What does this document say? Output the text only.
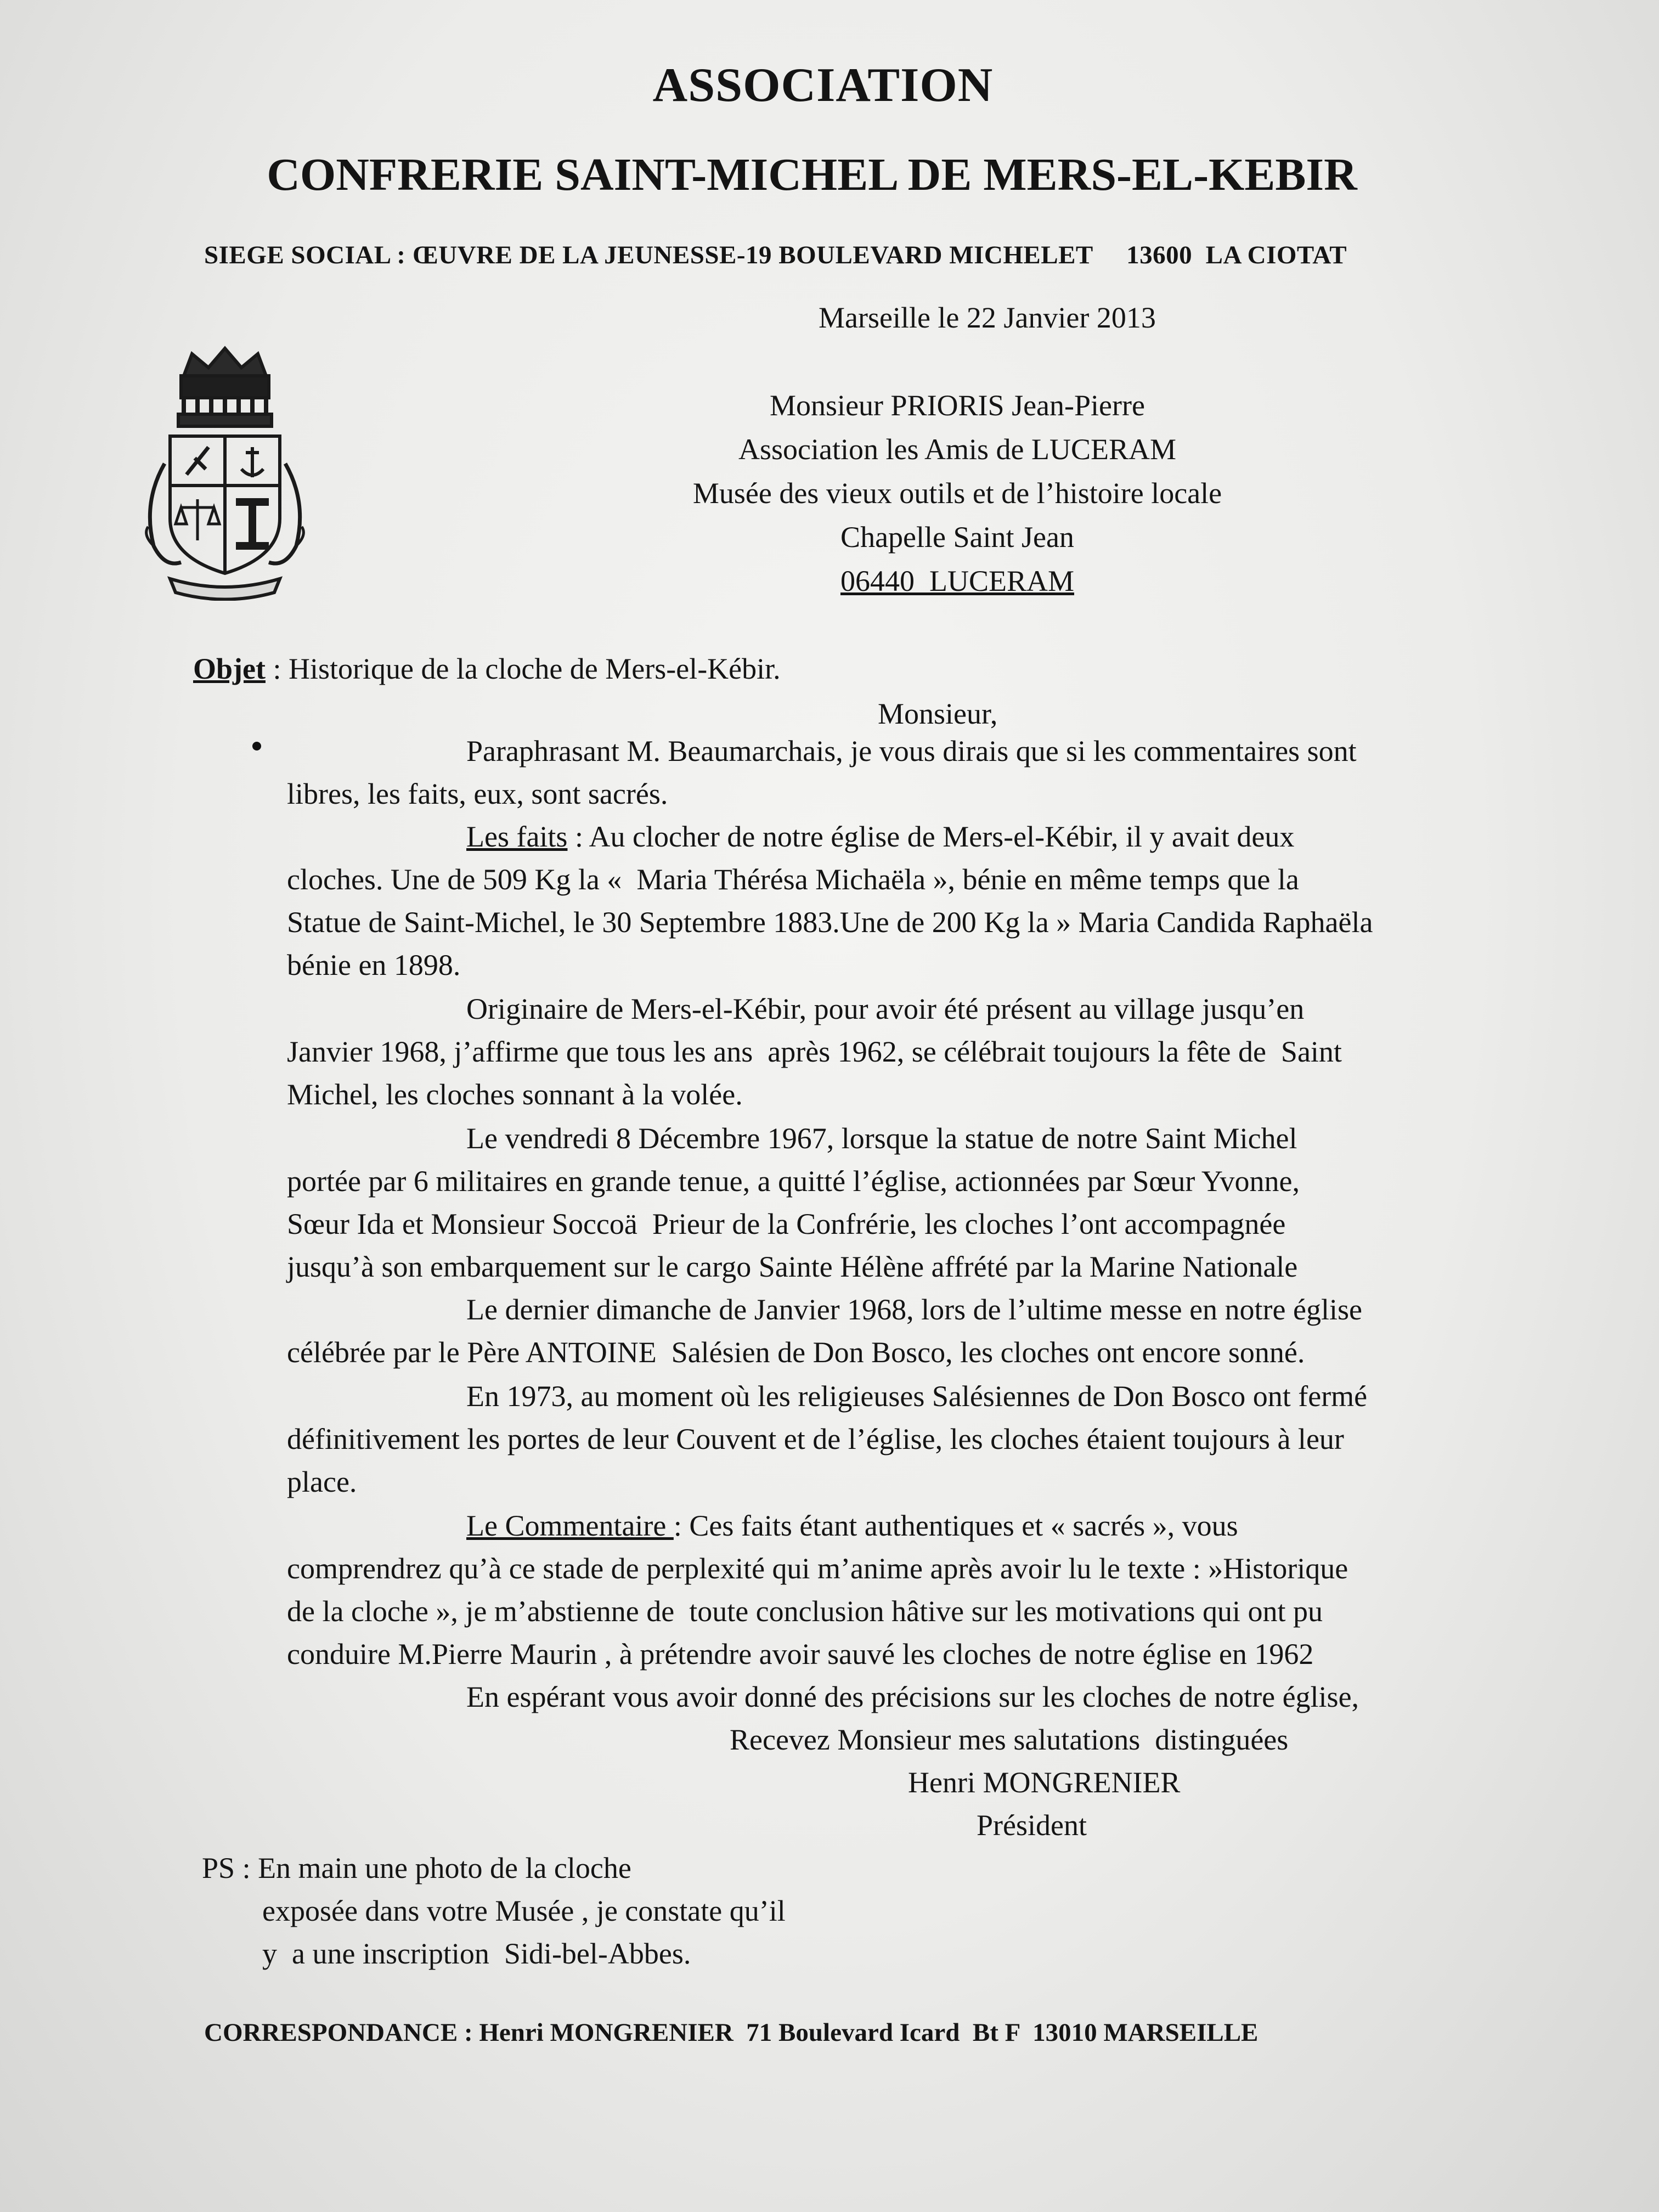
ASSOCIATION
CONFRERIE SAINT-MICHEL DE MERS-EL-KEBIR
SIEGE SOCIAL : ŒUVRE DE LA JEUNESSE-19 BOULEVARD MICHELET     13600  LA CIOTAT
Marseille le 22 Janvier 2013
Monsieur PRIORIS Jean-Pierre
Association les Amis de LUCERAM
Musée des vieux outils et de l’histoire locale
Chapelle Saint Jean
06440  LUCERAM
Objet : Historique de la cloche de Mers-el-Kébir.
Monsieur,
Paraphrasant M. Beaumarchais, je vous dirais que si les commentaires sont
libres, les faits, eux, sont sacrés.
Les faits : Au clocher de notre église de Mers-el-Kébir, il y avait deux
cloches. Une de 509 Kg la «  Maria Thérésa Michaëla », bénie en même temps que la
Statue de Saint-Michel, le 30 Septembre 1883.Une de 200 Kg la » Maria Candida Raphaëla
bénie en 1898.
Originaire de Mers-el-Kébir, pour avoir été présent au village jusqu’en
Janvier 1968, j’affirme que tous les ans  après 1962, se célébrait toujours la fête de  Saint
Michel, les cloches sonnant à la volée.
Le vendredi 8 Décembre 1967, lorsque la statue de notre Saint Michel
portée par 6 militaires en grande tenue, a quitté l’église, actionnées par Sœur Yvonne,
Sœur Ida et Monsieur Soccoä  Prieur de la Confrérie, les cloches l’ont accompagnée
jusqu’à son embarquement sur le cargo Sainte Hélène affrété par la Marine Nationale
Le dernier dimanche de Janvier 1968, lors de l’ultime messe en notre église
célébrée par le Père ANTOINE  Salésien de Don Bosco, les cloches ont encore sonné.
En 1973, au moment où les religieuses Salésiennes de Don Bosco ont fermé
définitivement les portes de leur Couvent et de l’église, les cloches étaient toujours à leur
place.
Le Commentaire : Ces faits étant authentiques et « sacrés », vous
comprendrez qu’à ce stade de perplexité qui m’anime après avoir lu le texte : »Historique
de la cloche », je m’abstienne de  toute conclusion hâtive sur les motivations qui ont pu
conduire M.Pierre Maurin , à prétendre avoir sauvé les cloches de notre église en 1962
En espérant vous avoir donné des précisions sur les cloches de notre église,
Recevez Monsieur mes salutations  distinguées
Henri MONGRENIER
Président
PS : En main une photo de la cloche
exposée dans votre Musée , je constate qu’il
y  a une inscription  Sidi-bel-Abbes.
CORRESPONDANCE : Henri MONGRENIER  71 Boulevard Icard  Bt F  13010 MARSEILLE
